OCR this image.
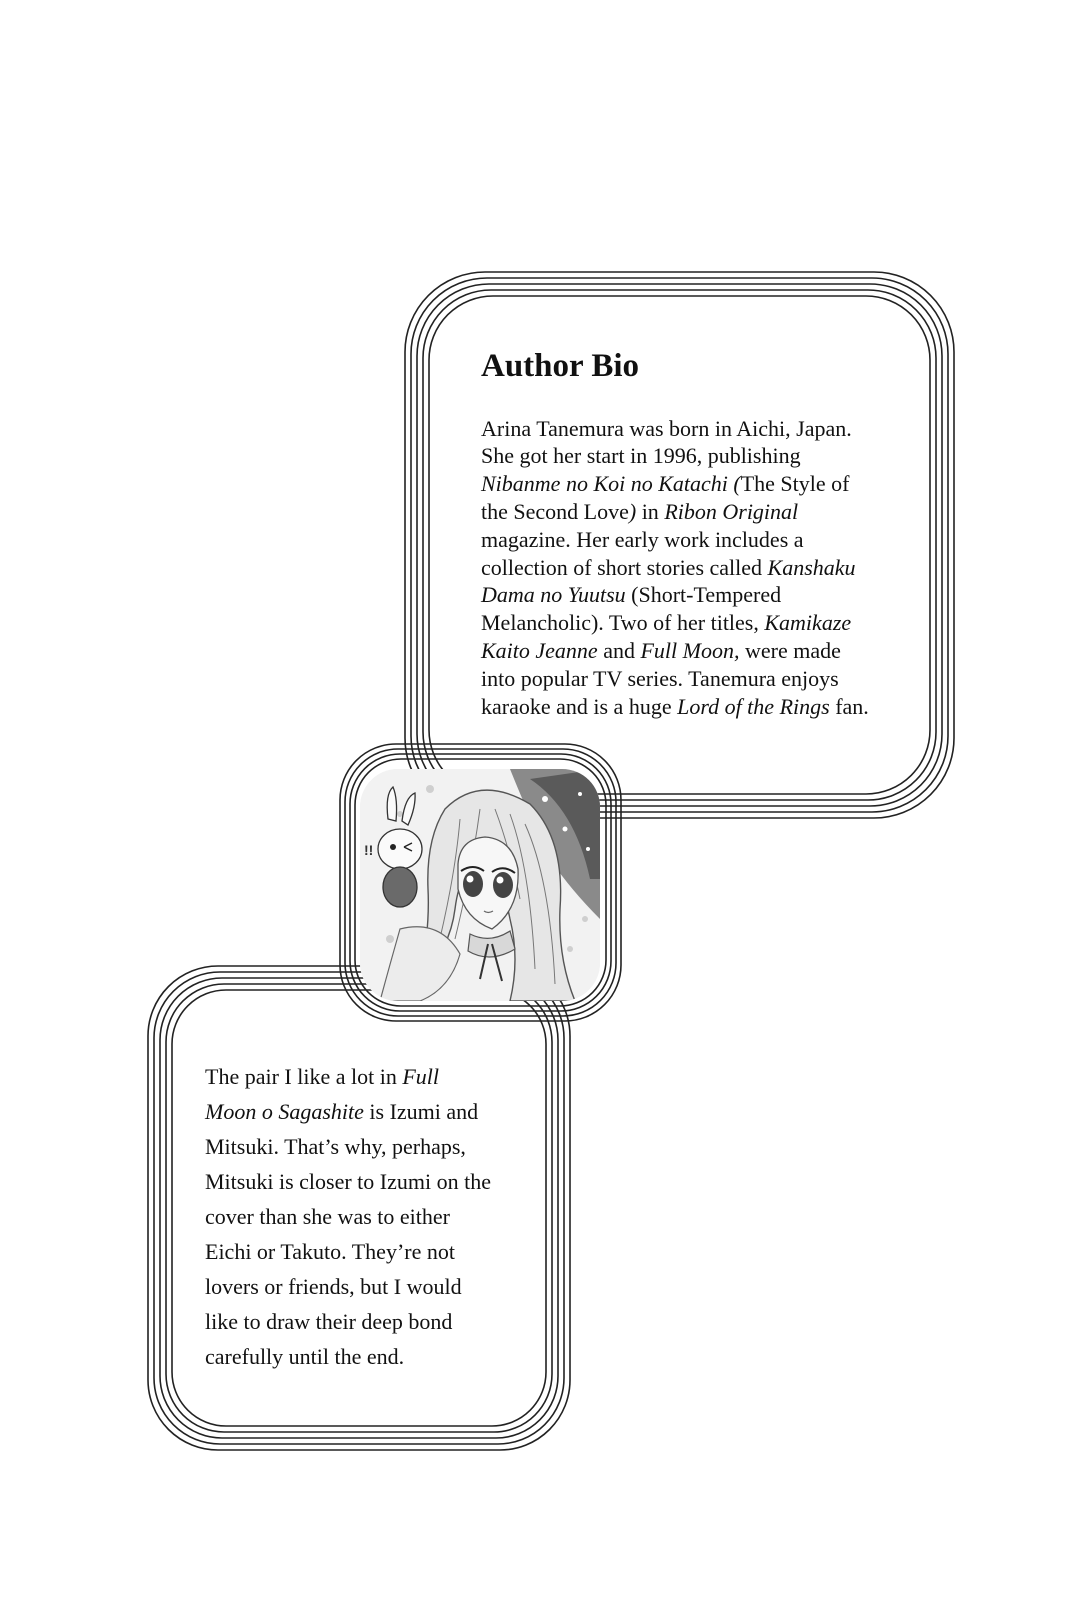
!!
Author Bio

Arina Tanemura was born in Aichi, Japan.
She got her start in 1996, publishing
Nibanme no Koi no Katachi (The Style of
the Second Love) in Ribon Original
magazine. Her early work includes a
collection of short stories called Kanshaku
Dama no Yuutsu (Short-Tempered
Melancholic). Two of her titles, Kamikaze
Kaito Jeanne and Full Moon, were made
into popular TV series. Tanemura enjoys
karaoke and is a huge Lord of the Rings fan.

The pair I like a lot in Full
Moon o Sagashite is Izumi and
Mitsuki. That’s why, perhaps,
Mitsuki is closer to Izumi on the
cover than she was to either
Eichi or Takuto. They’re not
lovers or friends, but I would
like to draw their deep bond
carefully until the end.
